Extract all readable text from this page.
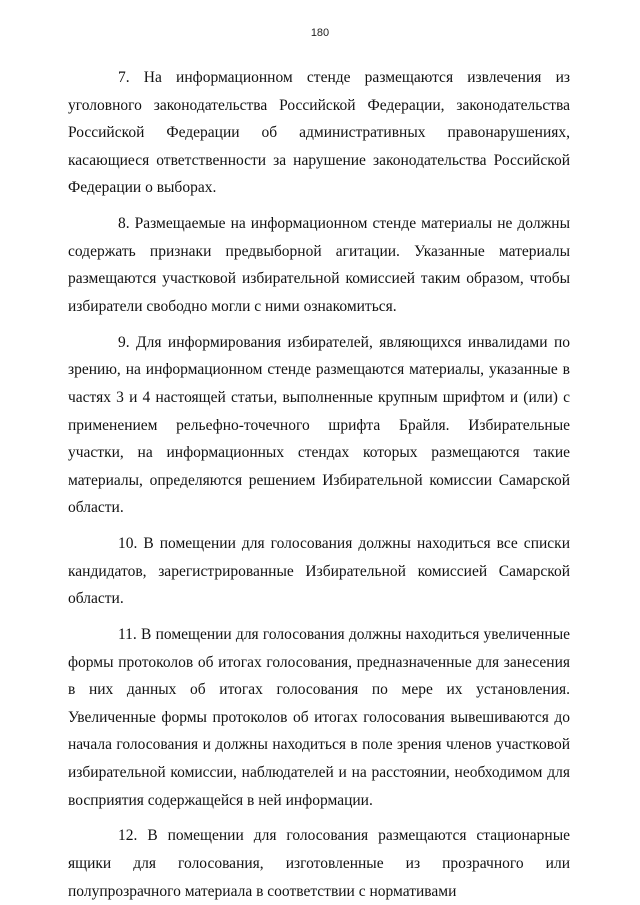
180

7. На информационном стенде размещаются извлечения из уголовного законодательства Российской Федерации, законодательства Российской Федерации об административных правонарушениях, касающиеся ответственности за нарушение законодательства Российской Федерации о выборах.

8. Размещаемые на информационном стенде материалы не должны содержать признаки предвыборной агитации. Указанные материалы размещаются участковой избирательной комиссией таким образом, чтобы избиратели свободно могли с ними ознакомиться.

9. Для информирования избирателей, являющихся инвалидами по зрению, на информационном стенде размещаются материалы, указанные в частях 3 и 4 настоящей статьи, выполненные крупным шрифтом и (или) с применением рельефно-точечного шрифта Брайля. Избирательные участки, на информационных стендах которых размещаются такие материалы, определяются решением Избирательной комиссии Самарской области.

10. В помещении для голосования должны находиться все списки кандидатов, зарегистрированные Избирательной комиссией Самарской области.

11. В помещении для голосования должны находиться увеличенные формы протоколов об итогах голосования, предназначенные для занесения в них данных об итогах голосования по мере их установления. Увеличенные формы протоколов об итогах голосования вывешиваются до начала голосования и должны находиться в поле зрения членов участковой избирательной комиссии, наблюдателей и на расстоянии, необходимом для восприятия содержащейся в ней информации.

12. В помещении для голосования размещаются стационарные ящики для голосования, изготовленные из прозрачного или полупрозрачного материала в соответствии с нормативами
